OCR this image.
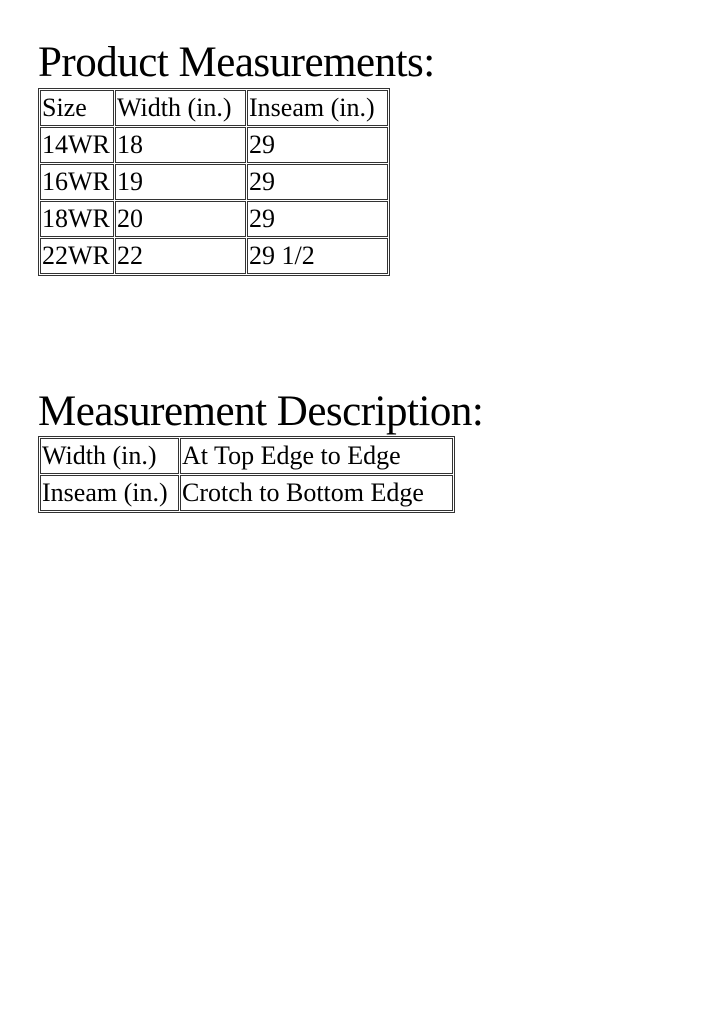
Product Measurements:
Size	Width (in.)	Inseam (in.)
14WR	18	29
16WR	19	29
18WR	20	29
22WR	22	29 1/2
Measurement Description:
Width (in.)	At Top Edge to Edge
Inseam (in.)	Crotch to Bottom Edge
